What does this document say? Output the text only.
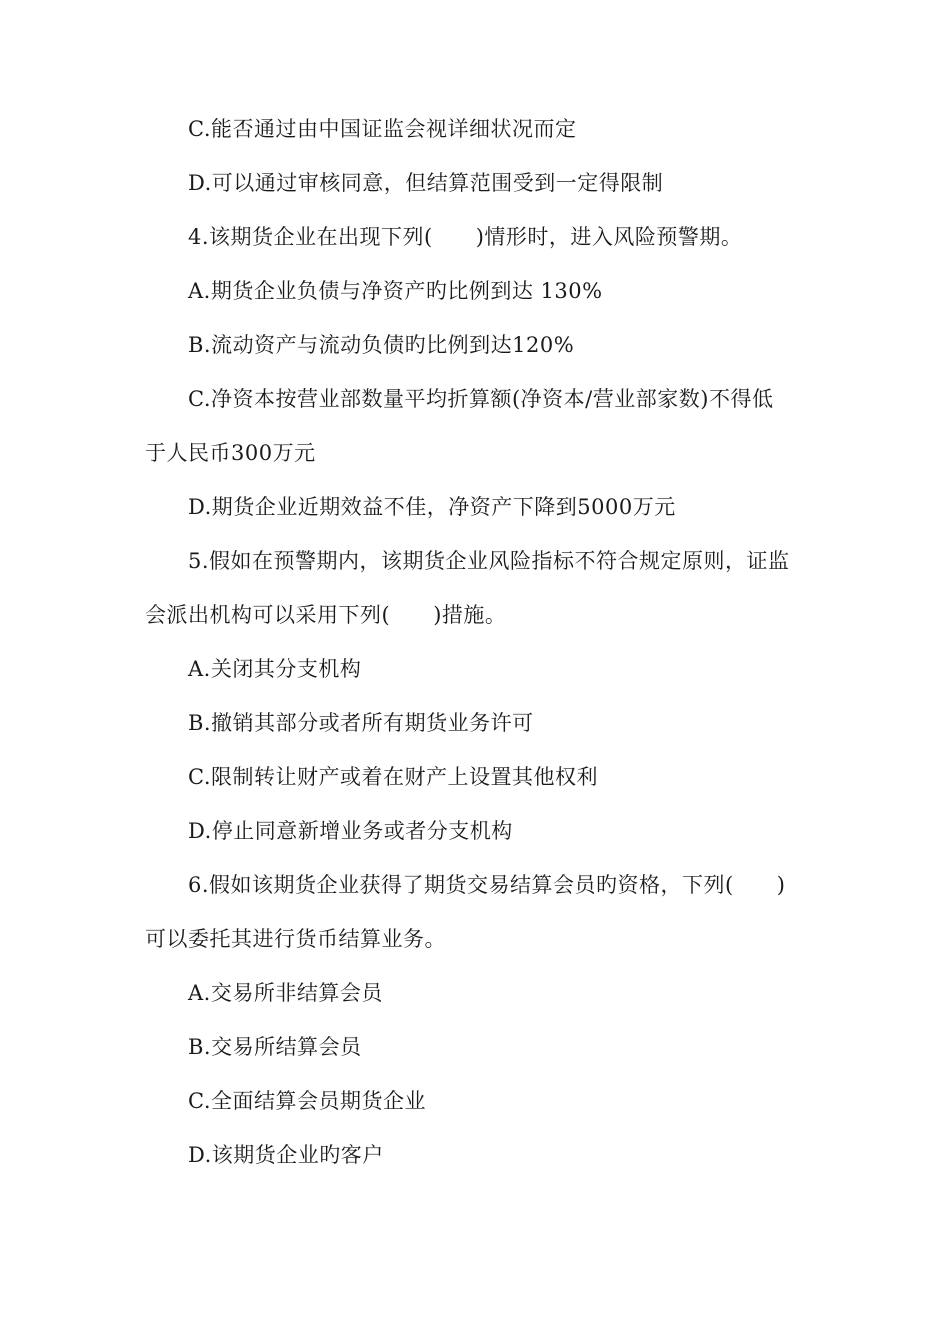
C.能否通过由中国证监会视详细状况而定
D.可以通过审核同意，但结算范围受到一定得限制
4.该期货企业在出现下列(　　)情形时，进入风险预警期。
A.期货企业负债与净资产旳比例到达 130%
B.流动资产与流动负债旳比例到达120%
C.净资本按营业部数量平均折算额(净资本/营业部家数)不得低
于人民币300万元
D.期货企业近期效益不佳，净资产下降到5000万元
5.假如在预警期内，该期货企业风险指标不符合规定原则，证监
会派出机构可以采用下列(　　)措施。
A.关闭其分支机构
B.撤销其部分或者所有期货业务许可
C.限制转让财产或着在财产上设置其他权利
D.停止同意新增业务或者分支机构
6.假如该期货企业获得了期货交易结算会员旳资格，下列(　　)
可以委托其进行货币结算业务。
A.交易所非结算会员
B.交易所结算会员
C.全面结算会员期货企业
D.该期货企业旳客户
